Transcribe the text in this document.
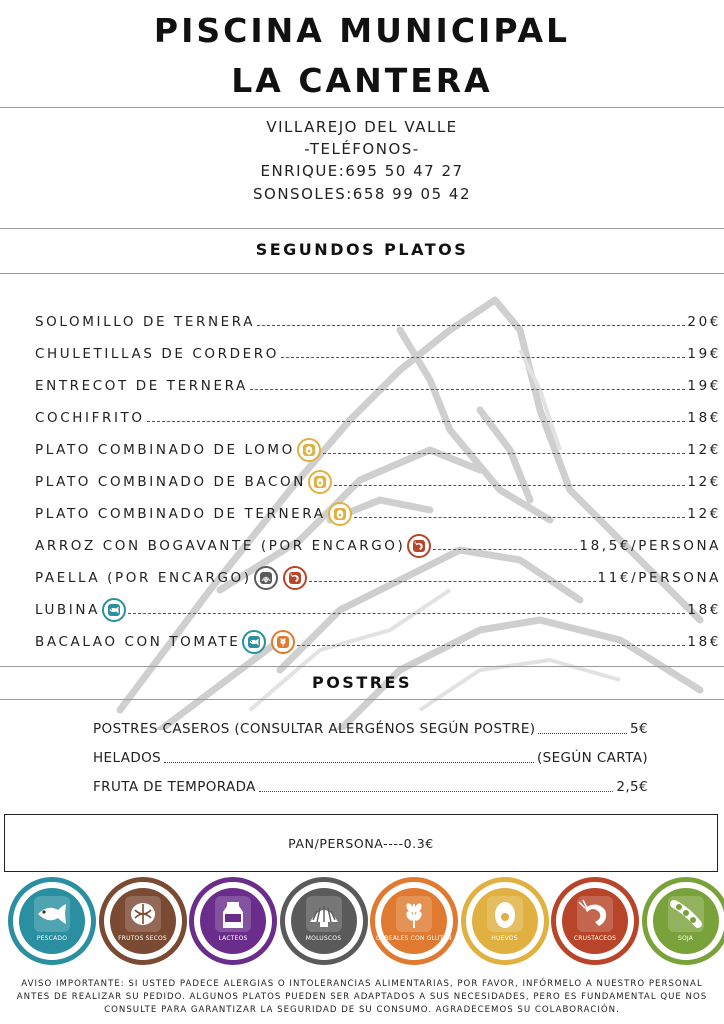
PISCINA MUNICIPAL
LA CANTERA
VILLAREJO DEL VALLE
-TELÉFONOS-
ENRIQUE:695 50 47 27
SONSOLES:658 99 05 42
SEGUNDOS PLATOS
SOLOMILLO DE TERNERA	20€
CHULETILLAS DE CORDERO	19€
ENTRECOT DE TERNERA	19€
COCHIFRITO	18€
PLATO COMBINADO DE LOMO	12€
PLATO COMBINADO DE BACON	12€
PLATO COMBINADO DE TERNERA	12€
ARROZ CON BOGAVANTE (POR ENCARGO)	18,5€/PERSONA
PAELLA (POR ENCARGO)	11€/PERSONA
LUBINA	18€
BACALAO CON TOMATE	18€
POSTRES
POSTRES CASEROS (CONSULTAR ALERGÉNOS SEGÚN POSTRE)	5€
HELADOS	(SEGÚN CARTA)
FRUTA DE TEMPORADA	2,5€
PAN/PERSONA----0.3€
PESCADO	FRUTOS SECOS	LACTEOS	MOLUSCOS	CEREALES CON GLUTEN	HUEVOS	CRUSTACEOS	SOJA
AVISO IMPORTANTE: SI USTED PADECE ALERGIAS O INTOLERANCIAS ALIMENTARIAS, POR FAVOR, INFÓRMELO A NUESTRO PERSONAL ANTES DE REALIZAR SU PEDIDO. ALGUNOS PLATOS PUEDEN SER ADAPTADOS A SUS NECESIDADES, PERO ES FUNDAMENTAL QUE NOS CONSULTE PARA GARANTIZAR LA SEGURIDAD DE SU CONSUMO. AGRADECEMOS SU COLABORACIÓN.
